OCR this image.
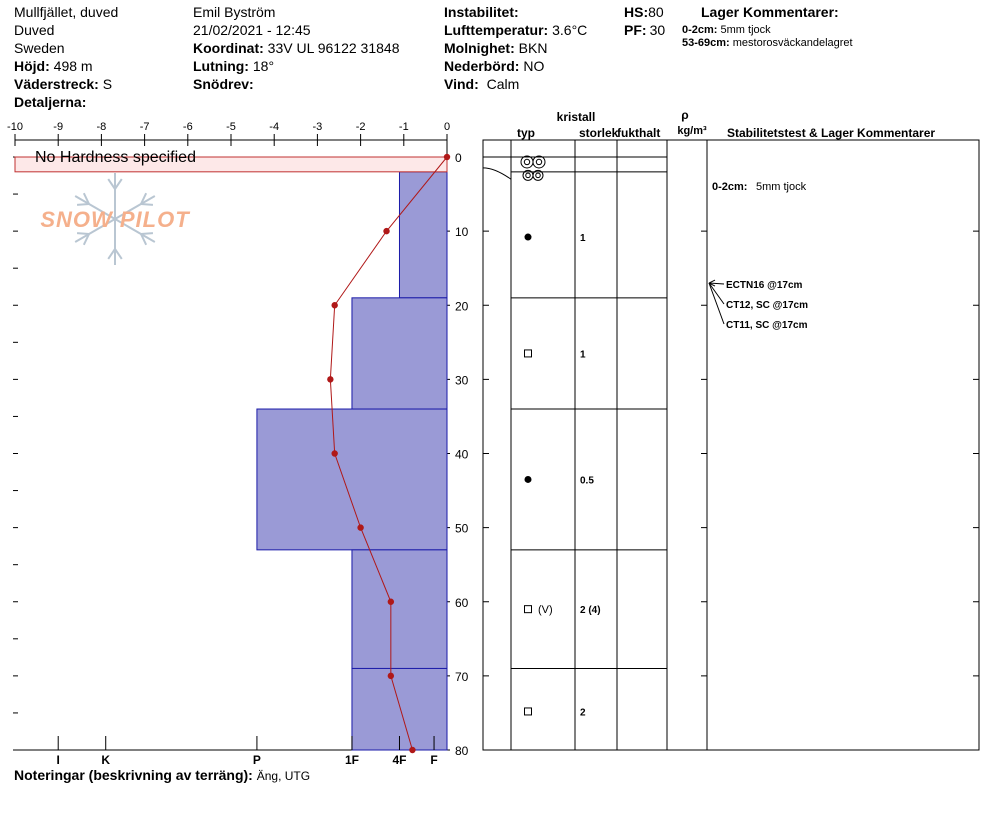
Mullfjället, duved
Duved
Sweden
Höjd: 498 m
Väderstreck: S
Detaljerna:
Emil Byström
21/02/2021 - 12:45
Koordinat: 33V UL 96122 31848
Lutning: 18°
Snödrev:
Instabilitet:
Lufttemperatur: 3.6°C
Molnighet: BKN
Nederbörd: NO
Vind: Calm
HS:80
PF: 30
Lager Kommentarer:
0-2cm: 5mm tjock
53-69cm: mestorosväckandelagret
-10	-9	-8	-7	-6	-5	-4	-3	-2	-1	0
0
10
20
30
40
50
60
70
80
No Hardness specified
SNOW PILOT
I	K	P	1F	4F F
kristall
typ	storlek
fukthalt
ρ
kg/m³ Stabilitetstest & Lager Kommentarer
1
1
0.5
(V)	2 (4)
2
0-2cm: 5mm tjock
ECTN16 @17cm
CT12, SC @17cm
CT11, SC @17cm
Noteringar (beskrivning av terräng): Äng, UTG
